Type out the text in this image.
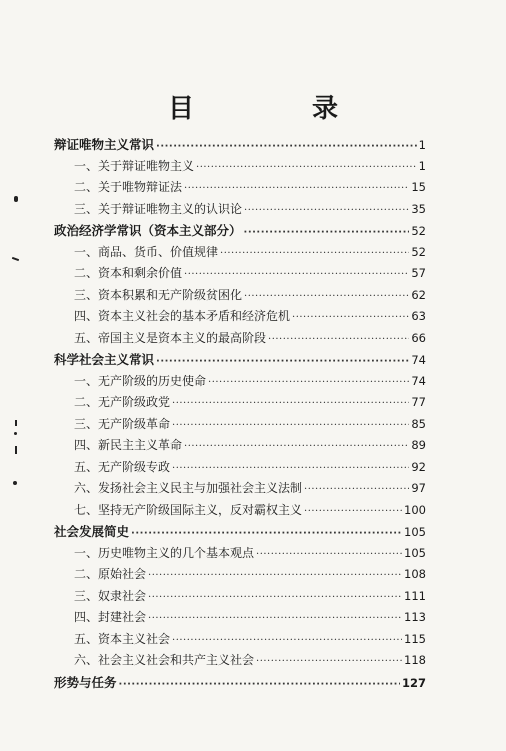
目　录
辩证唯物主义常识 ·····	1
一、关于辩证唯物主义 ·····	1
二、关于唯物辩证法 ·····	15
三、关于辩证唯物主义的认识论 ·····	35
政治经济学常识（资本主义部分） ·····	52
一、商品、货币、价值规律 ·····	52
二、资本和剩余价值 ·····	57
三、资本积累和无产阶级贫困化 ·····	62
四、资本主义社会的基本矛盾和经济危机 ·····	63
五、帝国主义是资本主义的最高阶段 ·····	66
科学社会主义常识 ·····	74
一、无产阶级的历史使命 ·····	74
二、无产阶级政党 ·····	77
三、无产阶级革命 ·····	85
四、新民主主义革命 ·····	89
五、无产阶级专政 ·····	92
六、发扬社会主义民主与加强社会主义法制 ·····	97
七、坚持无产阶级国际主义，反对霸权主义 ·····	100
社会发展简史 ·····	105
一、历史唯物主义的几个基本观点 ·····	105
二、原始社会 ·····	108
三、奴隶社会 ·····	111
四、封建社会 ·····	113
五、资本主义社会 ·····	115
六、社会主义社会和共产主义社会 ·····	118
形势与任务 ·····	127
